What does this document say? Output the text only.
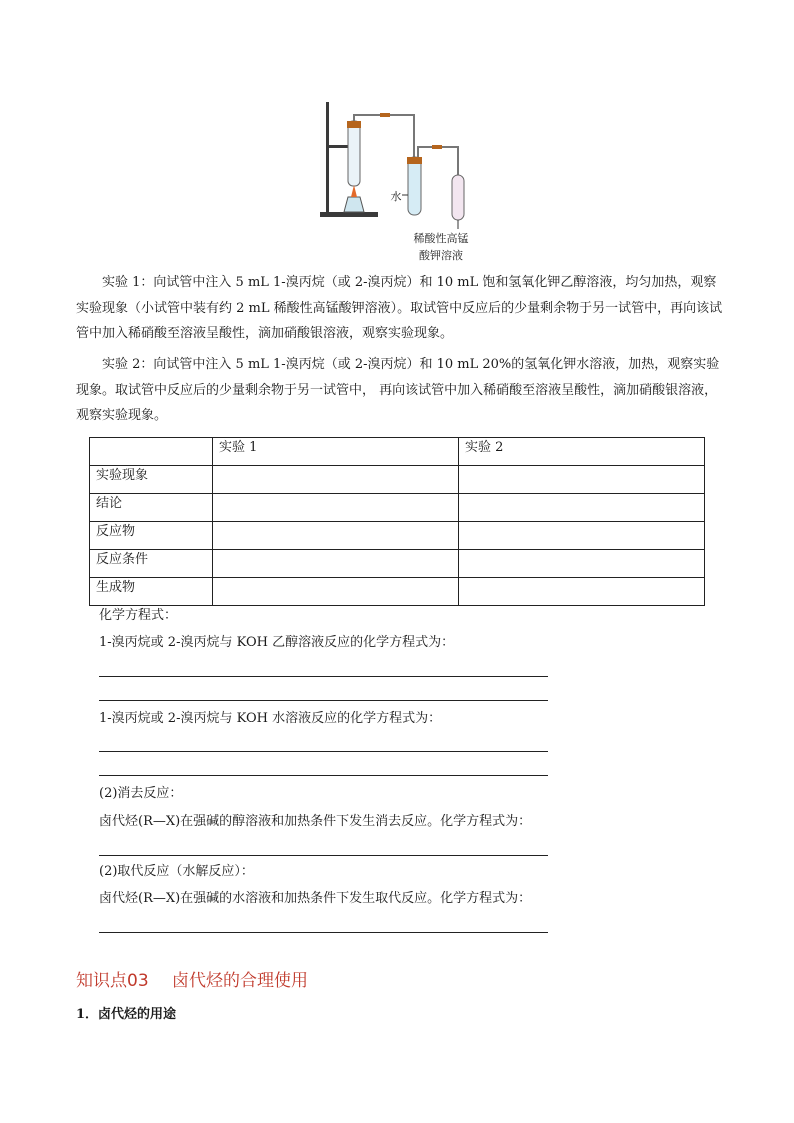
水
稀酸性高锰
酸钾溶液

实验 1：向试管中注入 5 mL 1-溴丙烷（或 2-溴丙烷）和 10 mL 饱和氢氧化钾乙醇溶液，均匀加热，观察实验现象（小试管中装有约 2 mL 稀酸性高锰酸钾溶液）。取试管中反应后的少量剩余物于另一试管中，再向该试 管中加入稀硝酸至溶液呈酸性，滴加硝酸银溶液，观察实验现象。

实验 2：向试管中注入 5 mL 1-溴丙烷（或 2-溴丙烷）和 10 mL 20%的氢氧化钾水溶液，加热，观察实验现象。取试管中反应后的少量剩余物于另一试管中， 再向该试管中加入稀硝酸至溶液呈酸性，滴加硝酸银溶液，观察实验现象。

	实验 1	实验 2
实验现象		
结论		
反应物		
反应条件		
生成物		
化学方程式：
1-溴丙烷或 2-溴丙烷与 KOH 乙醇溶液反应的化学方程式为：
1-溴丙烷或 2-溴丙烷与 KOH 水溶液反应的化学方程式为：
(2)消去反应：
卤代烃(R—X)在强碱的醇溶液和加热条件下发生消去反应。化学方程式为：
(2)取代反应（水解反应）：
卤代烃(R—X)在强碱的水溶液和加热条件下发生取代反应。化学方程式为：
知识点03 卤代烃的合理使用
1．卤代烃的用途
